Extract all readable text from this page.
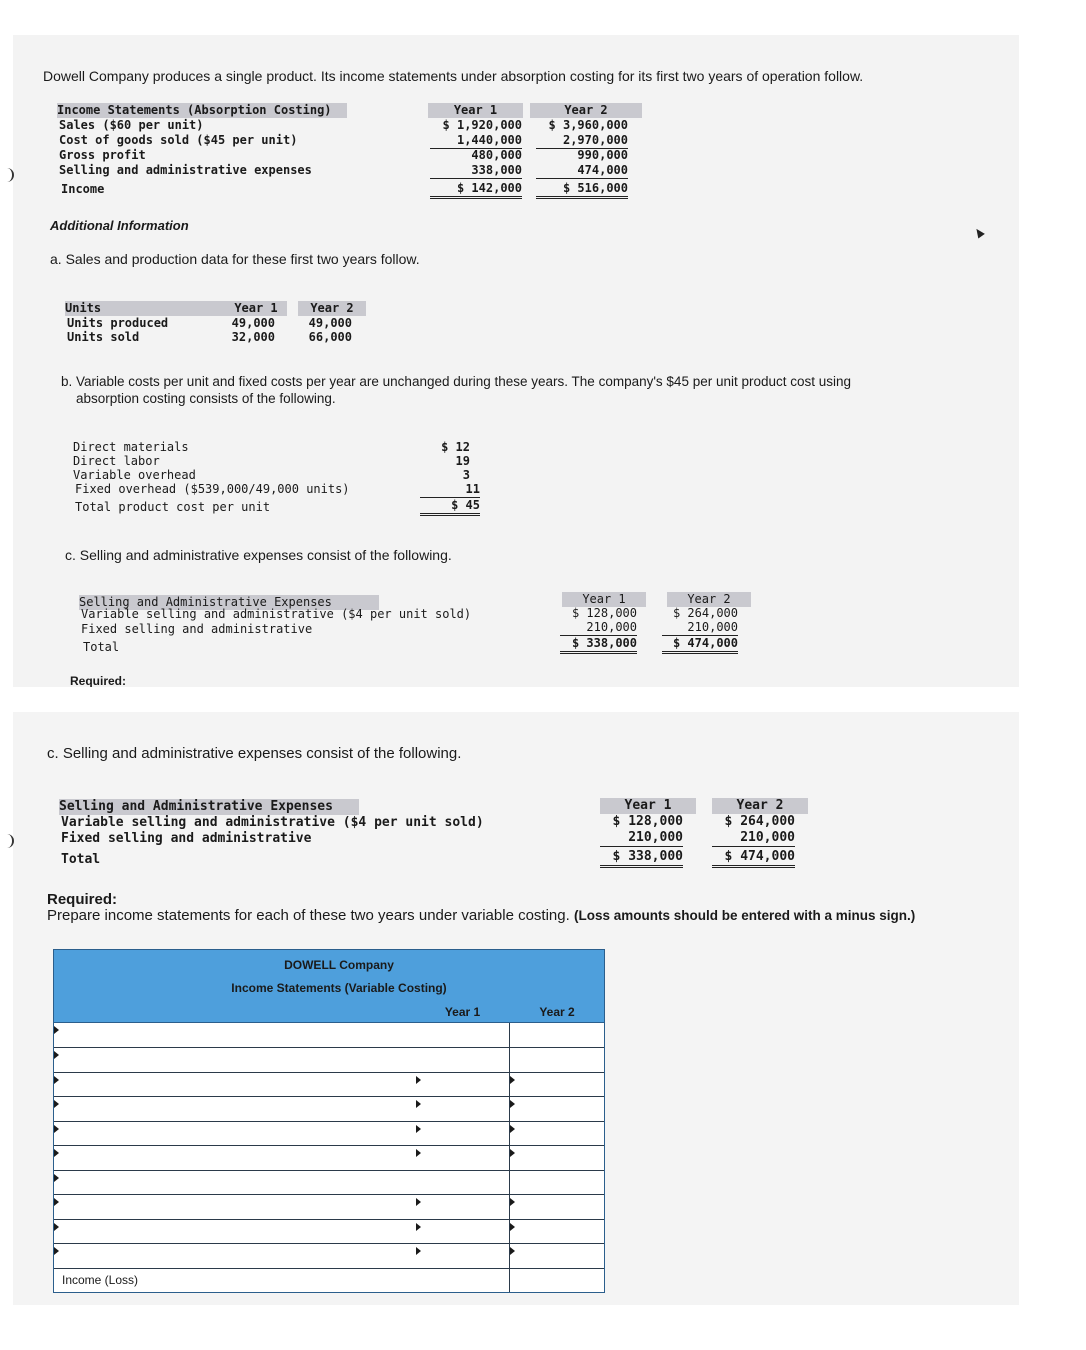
Dowell Company produces a single product. Its income statements under absorption costing for its first two years of operation follow.
Income Statements (Absorption Costing)	Year 1	Year 2
Sales ($60 per unit)	$ 1,920,000	$ 3,960,000
Cost of goods sold ($45 per unit)	1,440,000	2,970,000
Gross profit	480,000	990,000
Selling and administrative expenses	338,000	474,000
Income	$ 142,000	$ 516,000
Additional Information
a. Sales and production data for these first two years follow.
Units	Year 1	Year 2
Units produced	49,000	49,000
Units sold	32,000	66,000
b. Variable costs per unit and fixed costs per year are unchanged during these years. The company's $45 per unit product cost using
absorption costing consists of the following.
Direct materials	$ 12
Direct labor	19
Variable overhead	3
Fixed overhead ($539,000/49,000 units)	11
Total product cost per unit	$ 45
c. Selling and administrative expenses consist of the following.
Selling and Administrative Expenses	Year 1	Year 2
Variable selling and administrative ($4 per unit sold)	$ 128,000	$ 264,000
Fixed selling and administrative	210,000	210,000
Total	$ 338,000	$ 474,000
Required:
c. Selling and administrative expenses consist of the following.
Selling and Administrative Expenses	Year 1	Year 2
Variable selling and administrative ($4 per unit sold)	$ 128,000	$ 264,000
Fixed selling and administrative	210,000	210,000
Total	$ 338,000	$ 474,000
Required:
Prepare income statements for each of these two years under variable costing. (Loss amounts should be entered with a minus sign.)
DOWELL Company
Income Statements (Variable Costing)
Year 1	Year 2
Income (Loss)
